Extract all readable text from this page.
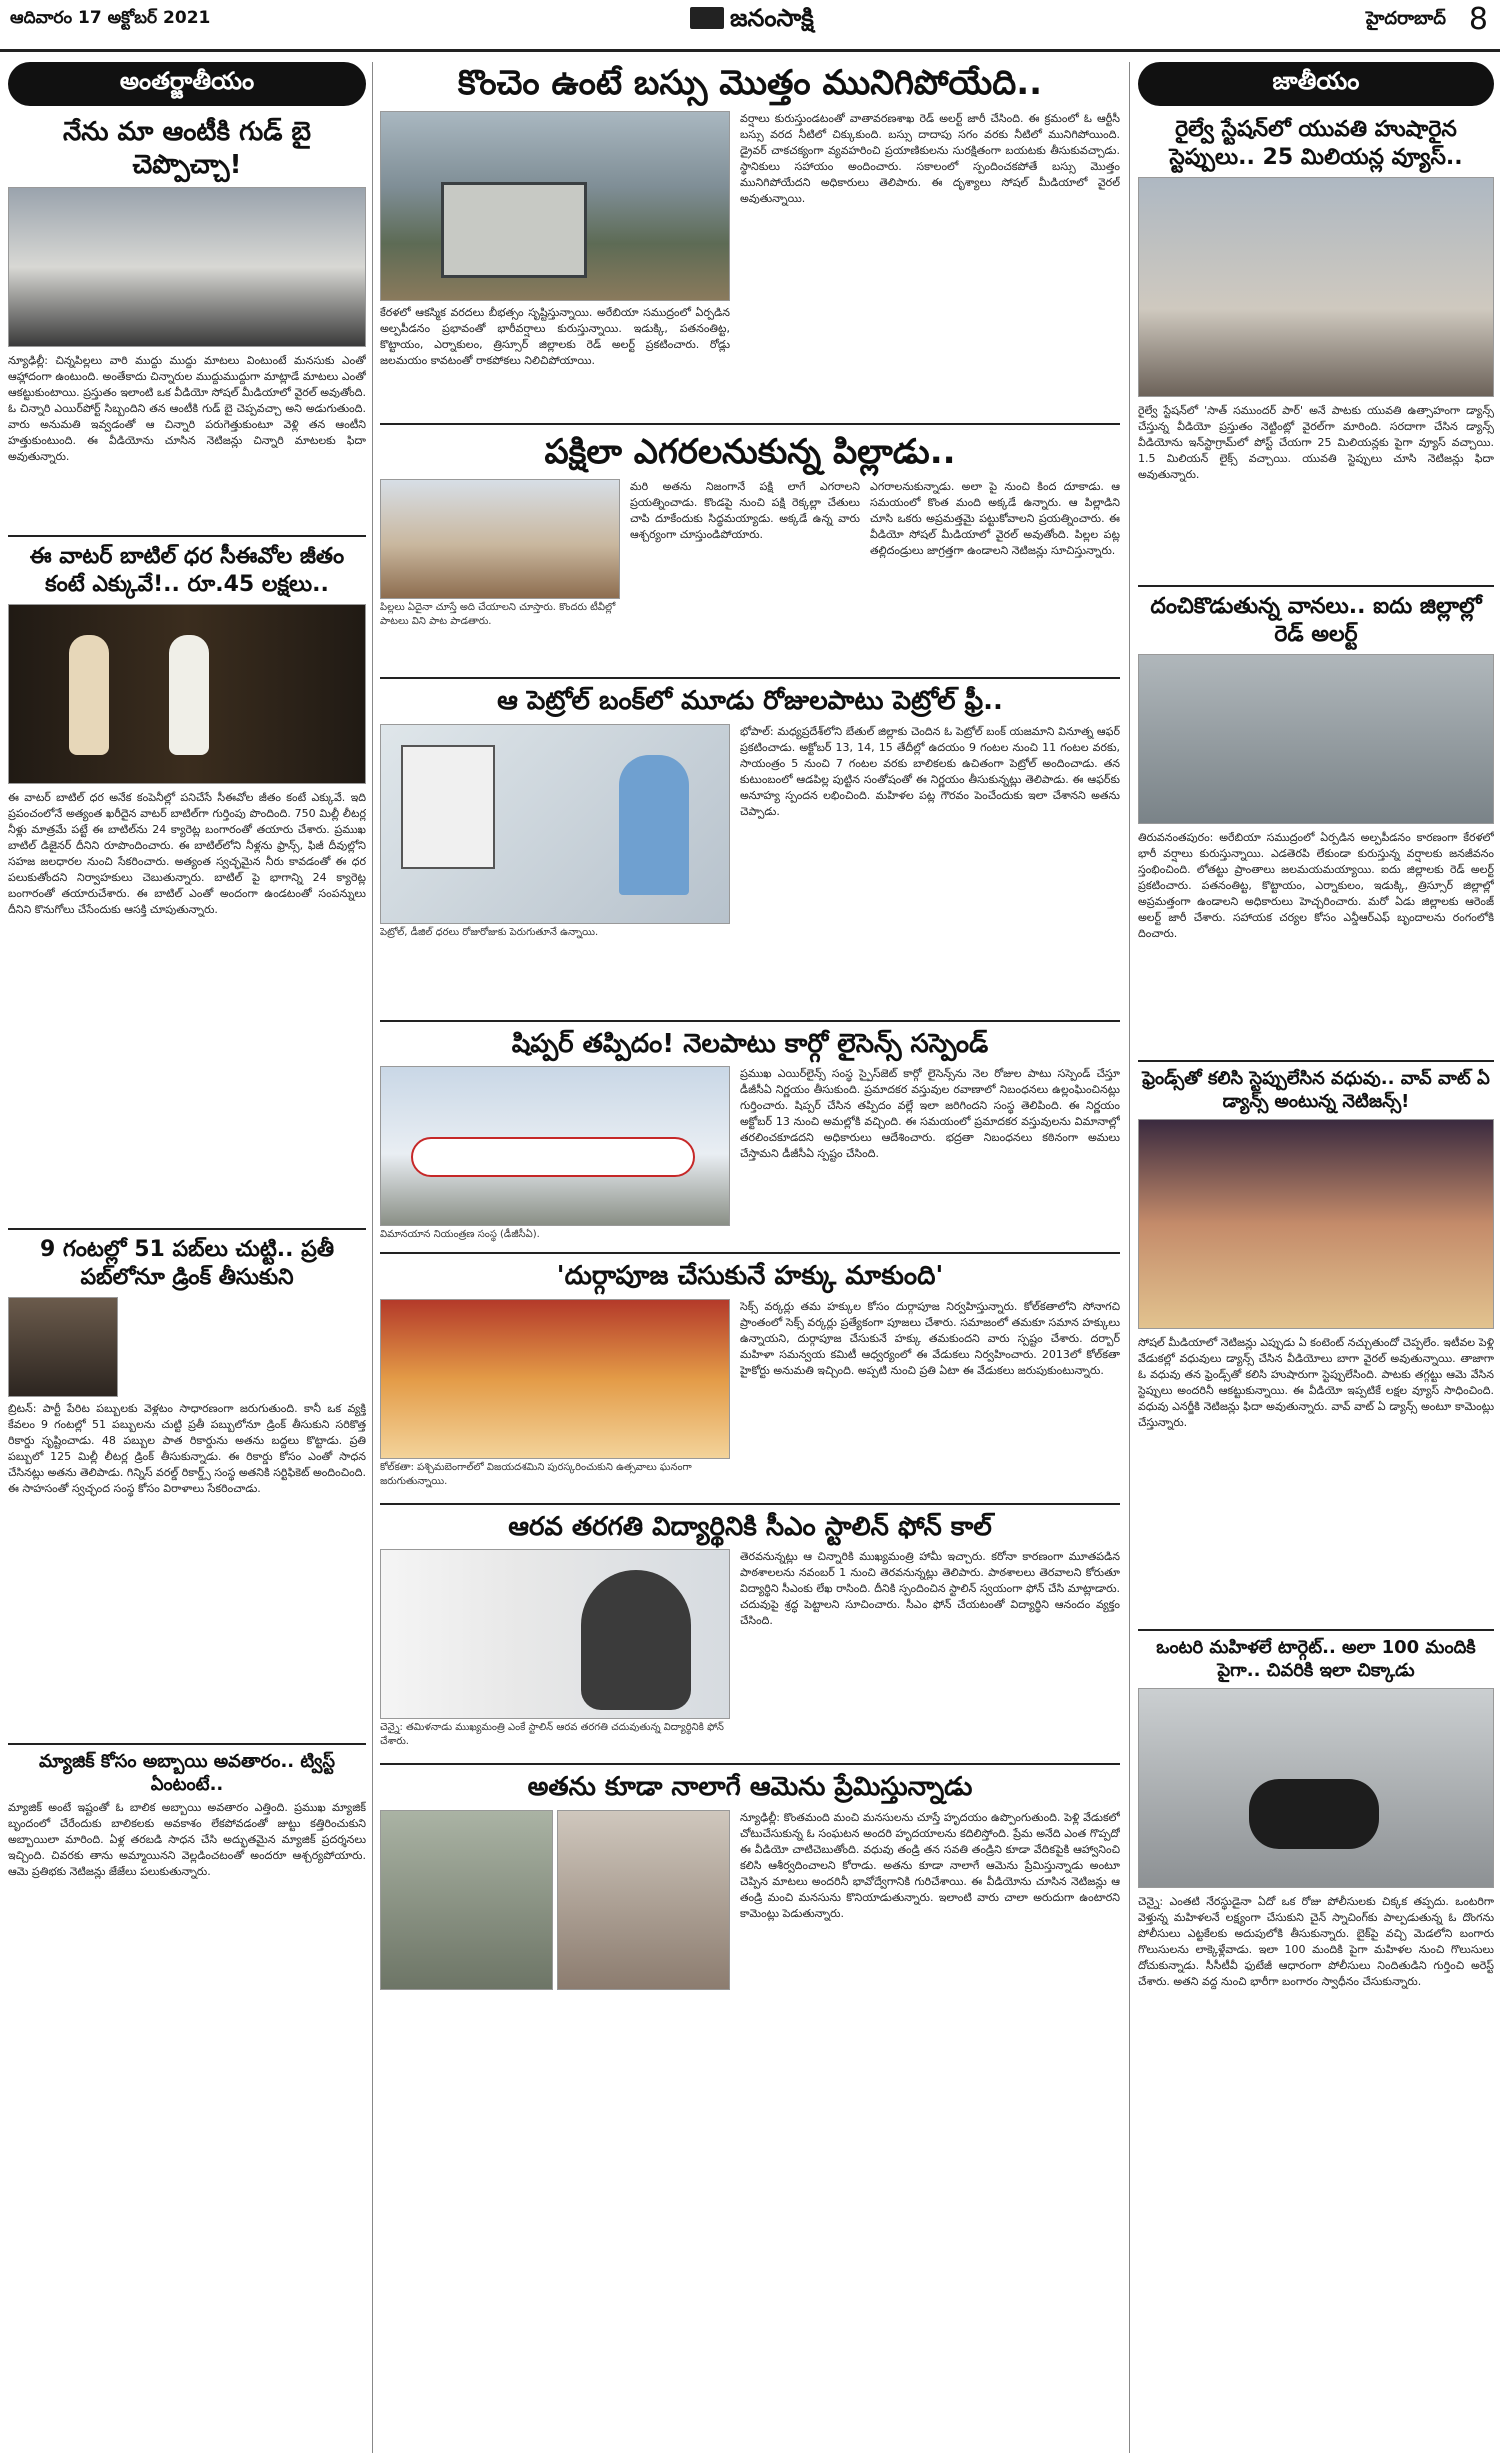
ఆదివారం 17 అక్టోబర్ 2021	జనంసాక్షి	హైదరాబాద్ 8
అంతర్జాతీయం
నేను మా ఆంటీకి గుడ్ బై చెప్పొచ్చా!
న్యూఢిల్లీ: చిన్నపిల్లలు వారి ముద్దు ముద్దు మాటలు వింటుంటే మనసుకు ఎంతో ఆహ్లాదంగా ఉంటుంది. అంతేకాదు చిన్నారుల ముద్దుముద్దుగా మాట్లాడే మాటలు ఎంతో ఆకట్టుకుంటాయి. ప్రస్తుతం ఇలాంటి ఒక వీడియో సోషల్ మీడియాలో వైరల్ అవుతోంది. ఓ చిన్నారి ఎయిర్‌పోర్ట్ సిబ్బందిని తన ఆంటీకి గుడ్ బై చెప్పవచ్చా అని అడుగుతుంది. వారు అనుమతి ఇవ్వడంతో ఆ చిన్నారి పరుగెత్తుకుంటూ వెళ్లి తన ఆంటీని హత్తుకుంటుంది. ఈ వీడియోను చూసిన నెటిజన్లు చిన్నారి మాటలకు ఫిదా అవుతున్నారు.
ఈ వాటర్ బాటిల్ ధర సీఈవోల జీతం కంటే ఎక్కువే!.. రూ.45 లక్షలు..
ఈ వాటర్ బాటిల్ ధర అనేక కంపెనీల్లో పనిచేసే సీఈవోల జీతం కంటే ఎక్కువే. ఇది ప్రపంచంలోనే అత్యంత ఖరీదైన వాటర్ బాటిల్‌గా గుర్తింపు పొందింది. 750 మిల్లీ లీటర్ల నీళ్లు మాత్రమే పట్టే ఈ బాటిల్‌ను 24 క్యారెట్ల బంగారంతో తయారు చేశారు. ప్రముఖ బాటిల్ డిజైనర్ దీనిని రూపొందించారు. ఈ బాటిల్‌లోని నీళ్లను ఫ్రాన్స్, ఫిజీ దీవుల్లోని సహజ జలధారల నుంచి సేకరించారు. అత్యంత స్వచ్ఛమైన నీరు కావడంతో ఈ ధర పలుకుతోందని నిర్వాహకులు చెబుతున్నారు. బాటిల్ పై భాగాన్ని 24 క్యారెట్ల బంగారంతో తయారుచేశారు. ఈ బాటిల్ ఎంతో అందంగా ఉండటంతో సంపన్నులు దీనిని కొనుగోలు చేసేందుకు ఆసక్తి చూపుతున్నారు.
9 గంటల్లో 51 పబ్‌లు చుట్టి.. ప్రతీ పబ్‌లోనూ డ్రింక్ తీసుకుని
బ్రిటన్: పార్టీ పేరిట పబ్బులకు వెళ్లటం సాధారణంగా జరుగుతుంది. కానీ ఒక వ్యక్తి కేవలం 9 గంటల్లో 51 పబ్బులను చుట్టి ప్రతీ పబ్బులోనూ డ్రింక్ తీసుకుని సరికొత్త రికార్డు సృష్టించాడు. 48 పబ్బుల పాత రికార్డును అతను బద్దలు కొట్టాడు. ప్రతి పబ్బులో 125 మిల్లీ లీటర్ల డ్రింక్ తీసుకున్నాడు. ఈ రికార్డు కోసం ఎంతో సాధన చేసినట్లు అతను తెలిపాడు. గిన్నిస్ వరల్డ్ రికార్డ్స్ సంస్థ అతనికి సర్టిఫికెట్ అందించింది. ఈ సాహసంతో స్వచ్ఛంద సంస్థ కోసం విరాళాలు సేకరించాడు.
మ్యాజిక్ కోసం అబ్బాయి అవతారం.. ట్విస్ట్ ఏంటంటే..
మ్యాజిక్ అంటే ఇష్టంతో ఓ బాలిక అబ్బాయి అవతారం ఎత్తింది. ప్రముఖ మ్యాజిక్ బృందంలో చేరేందుకు బాలికలకు అవకాశం లేకపోవడంతో జుట్టు కత్తిరించుకుని అబ్బాయిలా మారింది. ఏళ్ల తరబడి సాధన చేసి అద్భుతమైన మ్యాజిక్ ప్రదర్శనలు ఇచ్చింది. చివరకు తాను అమ్మాయినని వెల్లడించటంతో అందరూ ఆశ్చర్యపోయారు. ఆమె ప్రతిభకు నెటిజన్లు జేజేలు పలుకుతున్నారు.
కొంచెం ఉంటే బస్సు మొత్తం మునిగిపోయేది..
కేరళలో ఆకస్మిక వరదలు బీభత్సం సృష్టిస్తున్నాయి. అరేబియా సముద్రంలో ఏర్పడిన అల్పపీడనం ప్రభావంతో భారీవర్షాలు కురుస్తున్నాయి. ఇడుక్కి, పతనంతిట్ట, కొట్టాయం, ఎర్నాకులం, త్రిస్సూర్ జిల్లాలకు రెడ్ అలర్ట్ ప్రకటించారు. రోడ్లు జలమయం కావటంతో రాకపోకలు నిలిచిపోయాయి.
వర్షాలు కురుస్తుండటంతో వాతావరణశాఖ రెడ్ అలర్ట్ జారీ చేసింది. ఈ క్రమంలో ఓ ఆర్టీసీ బస్సు వరద నీటిలో చిక్కుకుంది. బస్సు దాదాపు సగం వరకు నీటిలో మునిగిపోయింది. డ్రైవర్ చాకచక్యంగా వ్యవహరించి ప్రయాణికులను సురక్షితంగా బయటకు తీసుకువచ్చాడు. స్థానికులు సహాయం అందించారు. సకాలంలో స్పందించకపోతే బస్సు మొత్తం మునిగిపోయేదని అధికారులు తెలిపారు. ఈ దృశ్యాలు సోషల్ మీడియాలో వైరల్ అవుతున్నాయి.
పక్షిలా ఎగరలనుకున్న పిల్లాడు..
పిల్లలు ఏదైనా చూస్తే అది చేయాలని చూస్తారు. కొందరు టీవీల్లో పాటలు విని పాట పాడతారు.
మరి అతను నిజంగానే పక్షి లాగే ఎగరాలని ప్రయత్నించాడు. కొండపై నుంచి పక్షి రెక్కల్లా చేతులు చాపి దూకేందుకు సిద్ధమయ్యాడు. అక్కడే ఉన్న వారు ఆశ్చర్యంగా చూస్తుండిపోయారు.
ఎగరాలనుకున్నాడు. అలా పై నుంచి కింద దూకాడు. ఆ సమయంలో కొంత మంది అక్కడే ఉన్నారు. ఆ పిల్లాడిని చూసి ఒకరు అప్రమత్తమై పట్టుకోవాలని ప్రయత్నించారు. ఈ వీడియో సోషల్ మీడియాలో వైరల్ అవుతోంది. పిల్లల పట్ల తల్లిదండ్రులు జాగ్రత్తగా ఉండాలని నెటిజన్లు సూచిస్తున్నారు.
ఆ పెట్రోల్ బంక్‌లో మూడు రోజులపాటు పెట్రోల్ ఫ్రీ..
పెట్రోల్, డీజిల్ ధరలు రోజురోజుకు పెరుగుతూనే ఉన్నాయి.
భోపాల్: మధ్యప్రదేశ్‌లోని బేతుల్ జిల్లాకు చెందిన ఓ పెట్రోల్ బంక్ యజమాని వినూత్న ఆఫర్ ప్రకటించాడు. అక్టోబర్ 13, 14, 15 తేదీల్లో ఉదయం 9 గంటల నుంచి 11 గంటల వరకు, సాయంత్రం 5 నుంచి 7 గంటల వరకు బాలికలకు ఉచితంగా పెట్రోల్ అందించాడు. తన కుటుంబంలో ఆడపిల్ల పుట్టిన సంతోషంతో ఈ నిర్ణయం తీసుకున్నట్లు తెలిపాడు. ఈ ఆఫర్‌కు అనూహ్య స్పందన లభించింది. మహిళల పట్ల గౌరవం పెంచేందుకు ఇలా చేశానని అతను చెప్పాడు.
షిప్పర్ తప్పిదం! నెలపాటు కార్గో లైసెన్స్ సస్పెండ్
విమానయాన నియంత్రణ సంస్థ (డీజీసీఏ).
ప్రముఖ ఎయిర్‌లైన్స్ సంస్థ స్పైస్‌జెట్ కార్గో లైసెన్స్‌ను నెల రోజుల పాటు సస్పెండ్ చేస్తూ డీజీసీఏ నిర్ణయం తీసుకుంది. ప్రమాదకర వస్తువుల రవాణాలో నిబంధనలు ఉల్లంఘించినట్లు గుర్తించారు. షిప్పర్ చేసిన తప్పిదం వల్లే ఇలా జరిగిందని సంస్థ తెలిపింది. ఈ నిర్ణయం అక్టోబర్ 13 నుంచి అమల్లోకి వచ్చింది. ఈ సమయంలో ప్రమాదకర వస్తువులను విమానాల్లో తరలించకూడదని అధికారులు ఆదేశించారు. భద్రతా నిబంధనలు కఠినంగా అమలు చేస్తామని డీజీసీఏ స్పష్టం చేసింది.
'దుర్గాపూజ చేసుకునే హక్కు మాకుంది'
కోల్‌కతా: పశ్చిమబెంగాల్‌లో విజయదశమిని పురస్కరించుకుని ఉత్సవాలు ఘనంగా జరుగుతున్నాయి.
సెక్స్ వర్కర్లు తమ హక్కుల కోసం దుర్గాపూజ నిర్వహిస్తున్నారు. కోల్‌కతాలోని సోనాగచి ప్రాంతంలో సెక్స్ వర్కర్లు ప్రత్యేకంగా పూజలు చేశారు. సమాజంలో తమకూ సమాన హక్కులు ఉన్నాయని, దుర్గాపూజ చేసుకునే హక్కు తమకుందని వారు స్పష్టం చేశారు. దర్బార్ మహిళా సమన్వయ కమిటీ ఆధ్వర్యంలో ఈ వేడుకలు నిర్వహించారు. 2013లో కోల్‌కతా హైకోర్టు అనుమతి ఇచ్చింది. అప్పటి నుంచి ప్రతి ఏటా ఈ వేడుకలు జరుపుకుంటున్నారు.
ఆరవ తరగతి విద్యార్థినికి సీఎం స్టాలిన్ ఫోన్ కాల్
చెన్నై: తమిళనాడు ముఖ్యమంత్రి ఎంకే స్టాలిన్ ఆరవ తరగతి చదువుతున్న విద్యార్థినికి ఫోన్ చేశారు.
తెరవనున్నట్లు ఆ చిన్నారికి ముఖ్యమంత్రి హామీ ఇచ్చారు. కరోనా కారణంగా మూతపడిన పాఠశాలలను నవంబర్ 1 నుంచి తెరవనున్నట్లు తెలిపారు. పాఠశాలలు తెరవాలని కోరుతూ విద్యార్థిని సీఎంకు లేఖ రాసింది. దీనికి స్పందించిన స్టాలిన్ స్వయంగా ఫోన్ చేసి మాట్లాడారు. చదువుపై శ్రద్ధ పెట్టాలని సూచించారు. సీఎం ఫోన్ చేయటంతో విద్యార్థిని ఆనందం వ్యక్తం చేసింది.
అతను కూడా నాలాగే ఆమెను ప్రేమిస్తున్నాడు
న్యూఢిల్లీ: కొంతమంది మంచి మనసులను చూస్తే హృదయం ఉప్పొంగుతుంది. పెళ్లి వేడుకలో చోటుచేసుకున్న ఓ సంఘటన అందరి హృదయాలను కదిలిస్తోంది. ప్రేమ అనేది ఎంత గొప్పదో ఈ వీడియో చాటిచెబుతోంది. వధువు తండ్రి తన సవతి తండ్రిని కూడా వేదికపైకి ఆహ్వానించి కలిసి ఆశీర్వదించాలని కోరాడు. అతను కూడా నాలాగే ఆమెను ప్రేమిస్తున్నాడు అంటూ చెప్పిన మాటలు అందరినీ భావోద్వేగానికి గురిచేశాయి. ఈ వీడియోను చూసిన నెటిజన్లు ఆ తండ్రి మంచి మనసును కొనియాడుతున్నారు. ఇలాంటి వారు చాలా అరుదుగా ఉంటారని కామెంట్లు పెడుతున్నారు.
జాతీయం
రైల్వే స్టేషన్‌లో యువతి హుషారైన స్టెప్పులు.. 25 మిలియన్ల వ్యూస్..
రైల్వే స్టేషన్‌లో 'సాత్ సముందర్ పార్' అనే పాటకు యువతి ఉత్సాహంగా డ్యాన్స్ చేస్తున్న వీడియో ప్రస్తుతం నెట్టింట్లో వైరల్‌గా మారింది. సరదాగా చేసిన డ్యాన్స్ వీడియోను ఇన్‌స్టాగ్రామ్‌లో పోస్ట్ చేయగా 25 మిలియన్లకు పైగా వ్యూస్ వచ్చాయి. 1.5 మిలియన్ లైక్స్ వచ్చాయి. యువతి స్టెప్పులు చూసి నెటిజన్లు ఫిదా అవుతున్నారు.
దంచికొడుతున్న వానలు.. ఐదు జిల్లాల్లో రెడ్ అలర్ట్
తిరువనంతపురం: అరేబియా సముద్రంలో ఏర్పడిన అల్పపీడనం కారణంగా కేరళలో భారీ వర్షాలు కురుస్తున్నాయి. ఎడతెరపి లేకుండా కురుస్తున్న వర్షాలకు జనజీవనం స్తంభించింది. లోతట్టు ప్రాంతాలు జలమయమయ్యాయి. ఐదు జిల్లాలకు రెడ్ అలర్ట్ ప్రకటించారు. పతనంతిట్ట, కొట్టాయం, ఎర్నాకులం, ఇడుక్కి, త్రిస్సూర్ జిల్లాల్లో అప్రమత్తంగా ఉండాలని అధికారులు హెచ్చరించారు. మరో ఏడు జిల్లాలకు ఆరెంజ్ అలర్ట్ జారీ చేశారు. సహాయక చర్యల కోసం ఎన్డీఆర్ఎఫ్ బృందాలను రంగంలోకి దించారు.
ఫ్రెండ్స్‌తో కలిసి స్టెప్పులేసిన వధువు.. వావ్ వాట్ ఏ డ్యాన్స్ అంటున్న నెటిజన్స్!
సోషల్ మీడియాలో నెటిజన్లు ఎప్పుడు ఏ కంటెంట్ నచ్చుతుందో చెప్పలేం. ఇటీవల పెళ్లి వేడుకల్లో వధువులు డ్యాన్స్ చేసిన వీడియోలు బాగా వైరల్ అవుతున్నాయి. తాజాగా ఓ వధువు తన ఫ్రెండ్స్‌తో కలిసి హుషారుగా స్టెప్పులేసింది. పాటకు తగ్గట్టు ఆమె వేసిన స్టెప్పులు అందరినీ ఆకట్టుకున్నాయి. ఈ వీడియో ఇప్పటికే లక్షల వ్యూస్ సాధించింది. వధువు ఎనర్జీకి నెటిజన్లు ఫిదా అవుతున్నారు. వావ్ వాట్ ఏ డ్యాన్స్ అంటూ కామెంట్లు చేస్తున్నారు.
ఒంటరి మహిళలే టార్గెట్.. అలా 100 మందికి పైగా.. చివరికి ఇలా చిక్కాడు
చెన్నై: ఎంతటి నేరస్థుడైనా ఏదో ఒక రోజు పోలీసులకు చిక్కక తప్పదు. ఒంటరిగా వెళ్తున్న మహిళలనే లక్ష్యంగా చేసుకుని చైన్ స్నాచింగ్‌కు పాల్పడుతున్న ఓ దొంగను పోలీసులు ఎట్టకేలకు అదుపులోకి తీసుకున్నారు. బైక్‌పై వచ్చి మెడలోని బంగారు గొలుసులను లాక్కెళ్లేవాడు. ఇలా 100 మందికి పైగా మహిళల నుంచి గొలుసులు దోచుకున్నాడు. సీసీటీవీ ఫుటేజీ ఆధారంగా పోలీసులు నిందితుడిని గుర్తించి అరెస్ట్ చేశారు. అతని వద్ద నుంచి భారీగా బంగారం స్వాధీనం చేసుకున్నారు.
